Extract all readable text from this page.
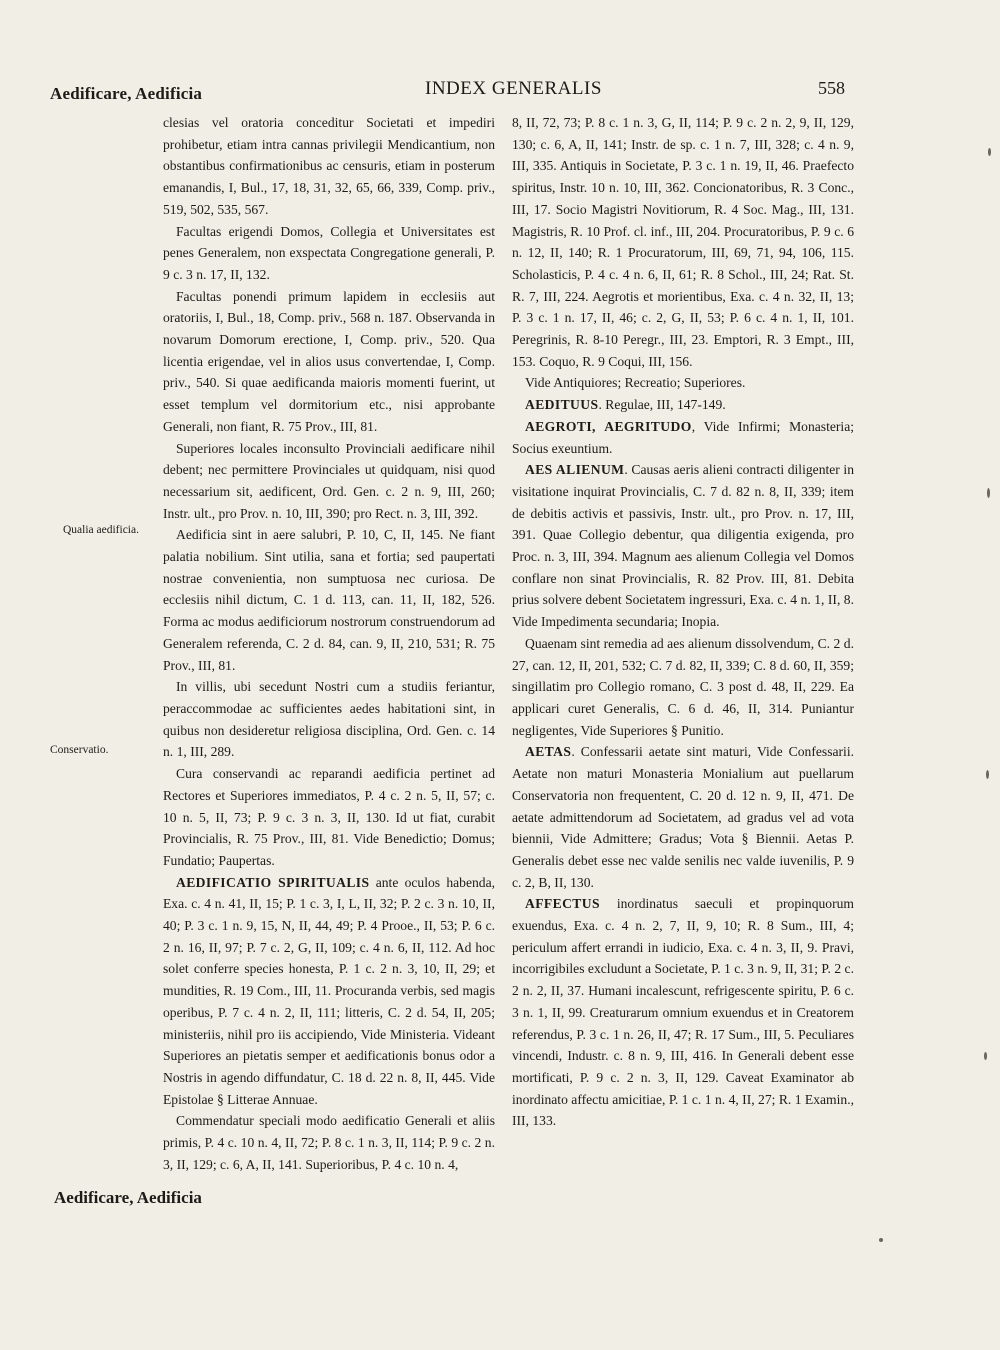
Aedificare, Aedificia	INDEX GENERALIS	558
Qualia aedificia.
Conservatio.

clesias vel oratoria conceditur Societati et impediri prohibetur, etiam intra cannas privilegii Mendicantium, non obstantibus confirmationibus ac censuris, etiam in posterum emanandis, I, Bul., 17, 18, 31, 32, 65, 66, 339, Comp. priv., 519, 502, 535, 567.

Facultas erigendi Domos, Collegia et Universitates est penes Generalem, non exspectata Congregatione generali, P. 9 c. 3 n. 17, II, 132.

Facultas ponendi primum lapidem in ecclesiis aut oratoriis, I, Bul., 18, Comp. priv., 568 n. 187. Observanda in novarum Domorum erectione, I, Comp. priv., 520. Qua licentia erigendae, vel in alios usus convertendae, I, Comp. priv., 540. Si quae aedificanda maioris momenti fuerint, ut esset templum vel dormitorium etc., nisi approbante Generali, non fiant, R. 75 Prov., III, 81.

Superiores locales inconsulto Provinciali aedificare nihil debent; nec permittere Provinciales ut quidquam, nisi quod necessarium sit, aedificent, Ord. Gen. c. 2 n. 9, III, 260; Instr. ult., pro Prov. n. 10, III, 390; pro Rect. n. 3, III, 392.

Aedificia sint in aere salubri, P. 10, C, II, 145. Ne fiant palatia nobilium. Sint utilia, sana et fortia; sed paupertati nostrae convenientia, non sumptuosa nec curiosa. De ecclesiis nihil dictum, C. 1 d. 113, can. 11, II, 182, 526. Forma ac modus aedificiorum nostrorum construendorum ad Generalem referenda, C. 2 d. 84, can. 9, II, 210, 531; R. 75 Prov., III, 81.

In villis, ubi secedunt Nostri cum a studiis feriantur, peraccommodae ac sufficientes aedes habitationi sint, in quibus non desideretur religiosa disciplina, Ord. Gen. c. 14 n. 1, III, 289.

Cura conservandi ac reparandi aedificia pertinet ad Rectores et Superiores immediatos, P. 4 c. 2 n. 5, II, 57; c. 10 n. 5, II, 73; P. 9 c. 3 n. 3, II, 130. Id ut fiat, curabit Provincialis, R. 75 Prov., III, 81. Vide Benedictio; Domus; Fundatio; Paupertas.

AEDIFICATIO SPIRITUALIS ante oculos habenda, Exa. c. 4 n. 41, II, 15; P. 1 c. 3, I, L, II, 32; P. 2 c. 3 n. 10, II, 40; P. 3 c. 1 n. 9, 15, N, II, 44, 49; P. 4 Prooe., II, 53; P. 6 c. 2 n. 16, II, 97; P. 7 c. 2, G, II, 109; c. 4 n. 6, II, 112. Ad hoc solet conferre species honesta, P. 1 c. 2 n. 3, 10, II, 29; et mundities, R. 19 Com., III, 11. Procuranda verbis, sed magis operibus, P. 7 c. 4 n. 2, II, 111; litteris, C. 2 d. 54, II, 205; ministeriis, nihil pro iis accipiendo, Vide Ministeria. Videant Superiores an pietatis semper et aedificationis bonus odor a Nostris in agendo diffundatur, C. 18 d. 22 n. 8, II, 445. Vide Epistolae § Litterae Annuae.

Commendatur speciali modo aedificatio Generali et aliis primis, P. 4 c. 10 n. 4, II, 72; P. 8 c. 1 n. 3, II, 114; P. 9 c. 2 n. 3, II, 129; c. 6, A, II, 141. Superioribus, P. 4 c. 10 n. 4,

8, II, 72, 73; P. 8 c. 1 n. 3, G, II, 114; P. 9 c. 2 n. 2, 9, II, 129, 130; c. 6, A, II, 141; Instr. de sp. c. 1 n. 7, III, 328; c. 4 n. 9, III, 335. Antiquis in Societate, P. 3 c. 1 n. 19, II, 46. Praefecto spiritus, Instr. 10 n. 10, III, 362. Concionatoribus, R. 3 Conc., III, 17. Socio Magistri Novitiorum, R. 4 Soc. Mag., III, 131. Magistris, R. 10 Prof. cl. inf., III, 204. Procuratoribus, P. 9 c. 6 n. 12, II, 140; R. 1 Procuratorum, III, 69, 71, 94, 106, 115. Scholasticis, P. 4 c. 4 n. 6, II, 61; R. 8 Schol., III, 24; Rat. St. R. 7, III, 224. Aegrotis et morientibus, Exa. c. 4 n. 32, II, 13; P. 3 c. 1 n. 17, II, 46; c. 2, G, II, 53; P. 6 c. 4 n. 1, II, 101. Peregrinis, R. 8-10 Peregr., III, 23. Emptori, R. 3 Empt., III, 153. Coquo, R. 9 Coqui, III, 156.

Vide Antiquiores; Recreatio; Superiores.

AEDITUUS. Regulae, III, 147-149.

AEGROTI, AEGRITUDO, Vide Infirmi; Monasteria; Socius exeuntium.

AES ALIENUM. Causas aeris alieni contracti diligenter in visitatione inquirat Provincialis, C. 7 d. 82 n. 8, II, 339; item de debitis activis et passivis, Instr. ult., pro Prov. n. 17, III, 391. Quae Collegio debentur, qua diligentia exigenda, pro Proc. n. 3, III, 394. Magnum aes alienum Collegia vel Domos conflare non sinat Provincialis, R. 82 Prov. III, 81. Debita prius solvere debent Societatem ingressuri, Exa. c. 4 n. 1, II, 8. Vide Impedimenta secundaria; Inopia.

Quaenam sint remedia ad aes alienum dissolvendum, C. 2 d. 27, can. 12, II, 201, 532; C. 7 d. 82, II, 339; C. 8 d. 60, II, 359; singillatim pro Collegio romano, C. 3 post d. 48, II, 229. Ea applicari curet Generalis, C. 6 d. 46, II, 314. Puniantur negligentes, Vide Superiores § Punitio.

AETAS. Confessarii aetate sint maturi, Vide Confessarii. Aetate non maturi Monasteria Monialium aut puellarum Conservatoria non frequentent, C. 20 d. 12 n. 9, II, 471. De aetate admittendorum ad Societatem, ad gradus vel ad vota biennii, Vide Admittere; Gradus; Vota § Biennii. Aetas P. Generalis debet esse nec valde senilis nec valde iuvenilis, P. 9 c. 2, B, II, 130.

AFFECTUS inordinatus saeculi et propinquorum exuendus, Exa. c. 4 n. 2, 7, II, 9, 10; R. 8 Sum., III, 4; periculum affert errandi in iudicio, Exa. c. 4 n. 3, II, 9. Pravi, incorrigibiles excludunt a Societate, P. 1 c. 3 n. 9, II, 31; P. 2 c. 2 n. 2, II, 37. Humani incalescunt, refrigescente spiritu, P. 6 c. 3 n. 1, II, 99. Creaturarum omnium exuendus et in Creatorem referendus, P. 3 c. 1 n. 26, II, 47; R. 17 Sum., III, 5. Peculiares vincendi, Industr. c. 8 n. 9, III, 416. In Generali debent esse mortificati, P. 9 c. 2 n. 3, II, 129. Caveat Examinator ab inordinato affectu amicitiae, P. 1 c. 1 n. 4, II, 27; R. 1 Examin., III, 133.

Aedificare, Aedificia
